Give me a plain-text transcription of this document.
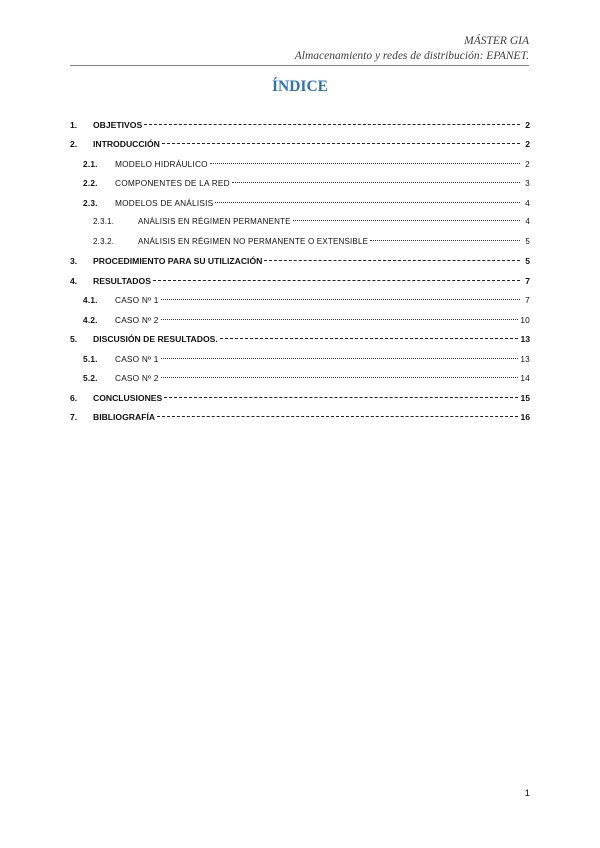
MÁSTER GIA
Almacenamiento y redes de distribución: EPANET.
ÍNDICE
1.	OBJETIVOS	2
2.	INTRODUCCIÓN	2
2.1.	MODELO HIDRÁULICO	2
2.2.	COMPONENTES DE LA RED	3
2.3.	MODELOS DE ANÁLISIS	4
2.3.1.	ANÁLISIS EN RÉGIMEN PERMANENTE	4
2.3.2.	ANÁLISIS EN RÉGIMEN NO PERMANENTE O EXTENSIBLE	5
3.	PROCEDIMIENTO PARA SU UTILIZACIÓN	5
4.	RESULTADOS	7
4.1.	CASO Nº 1	7
4.2.	CASO Nº 2	10
5.	DISCUSIÓN DE RESULTADOS.	13
5.1.	CASO Nº 1	13
5.2.	CASO Nº 2	14
6.	CONCLUSIONES	15
7.	BIBLIOGRAFÍA	16
1
